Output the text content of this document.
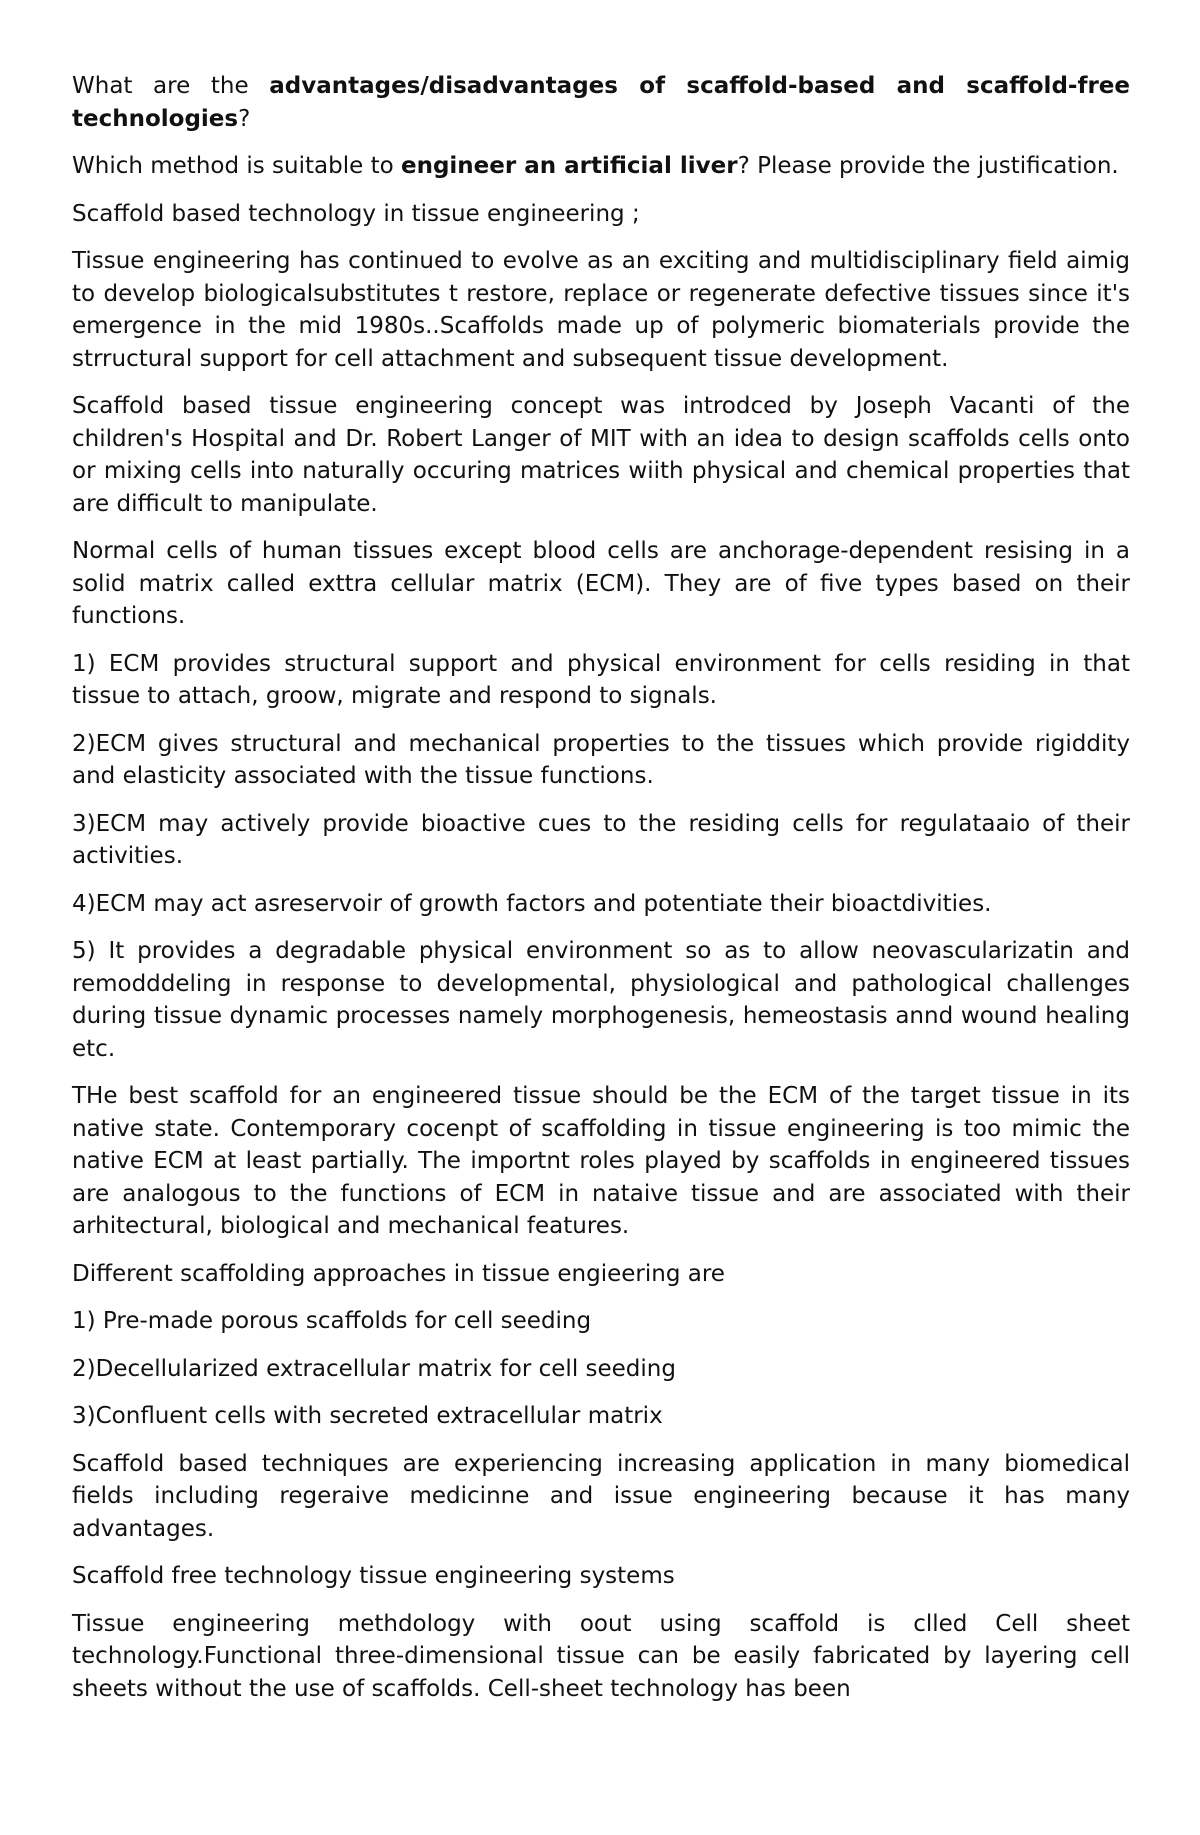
What are the advantages/disadvantages of scaffold-based and scaffold-free technologies?

Which method is suitable to engineer an artificial liver? Please provide the justification.

Scaffold based technology in tissue engineering ;

Tissue engineering has continued to evolve as an exciting and multidisciplinary field aimig to develop biologicalsubstitutes t restore, replace or regenerate defective tissues since it's emergence in the mid 1980s..Scaffolds made up of polymeric biomaterials provide the strructural support for cell attachment and subsequent tissue development.

Scaffold based tissue engineering concept was introdced by Joseph Vacanti of the children's Hospital and Dr. Robert Langer of MIT with an idea to design scaffolds cells onto or mixing cells into naturally occuring matrices wiith physical and chemical properties that are difficult to manipulate.

Normal cells of human tissues except blood cells are anchorage-dependent resising in a solid matrix called exttra cellular matrix (ECM). They are of five types based on their functions.

1) ECM provides structural support and physical environment for cells residing in that tissue to attach, groow, migrate and respond to signals.

2)ECM gives structural and mechanical properties to the tissues which provide rigiddity and elasticity associated with the tissue functions.

3)ECM may actively provide bioactive cues to the residing cells for regulataaio of their activities.

4)ECM may act asreservoir of growth factors and potentiate their bioactdivities.

5) It provides a degradable physical environment so as to allow neovascularizatin and remodddeling in response to developmental, physiological and pathological challenges during tissue dynamic processes namely morphogenesis, hemeostasis annd wound healing etc.

THe best scaffold for an engineered tissue should be the ECM of the target tissue in its native state. Contemporary cocenpt of scaffolding in tissue engineering is too mimic the native ECM at least partially. The importnt roles played by scaffolds in engineered tissues are analogous to the functions of ECM in nataive tissue and are associated with their arhitectural, biological and mechanical features.

Different scaffolding approaches in tissue engieering are

1) Pre-made porous scaffolds for cell seeding

2)Decellularized extracellular matrix for cell seeding

3)Confluent cells with secreted extracellular matrix

Scaffold based techniques are experiencing increasing application in many biomedical fields including regeraive medicinne and issue engineering because it has many advantages.

Scaffold free technology tissue engineering systems

Tissue engineering methdology with oout using scaffold is clled Cell sheet technology.Functional three-dimensional tissue can be easily fabricated by layering cell sheets without the use of scaffolds. Cell-sheet technology has been
